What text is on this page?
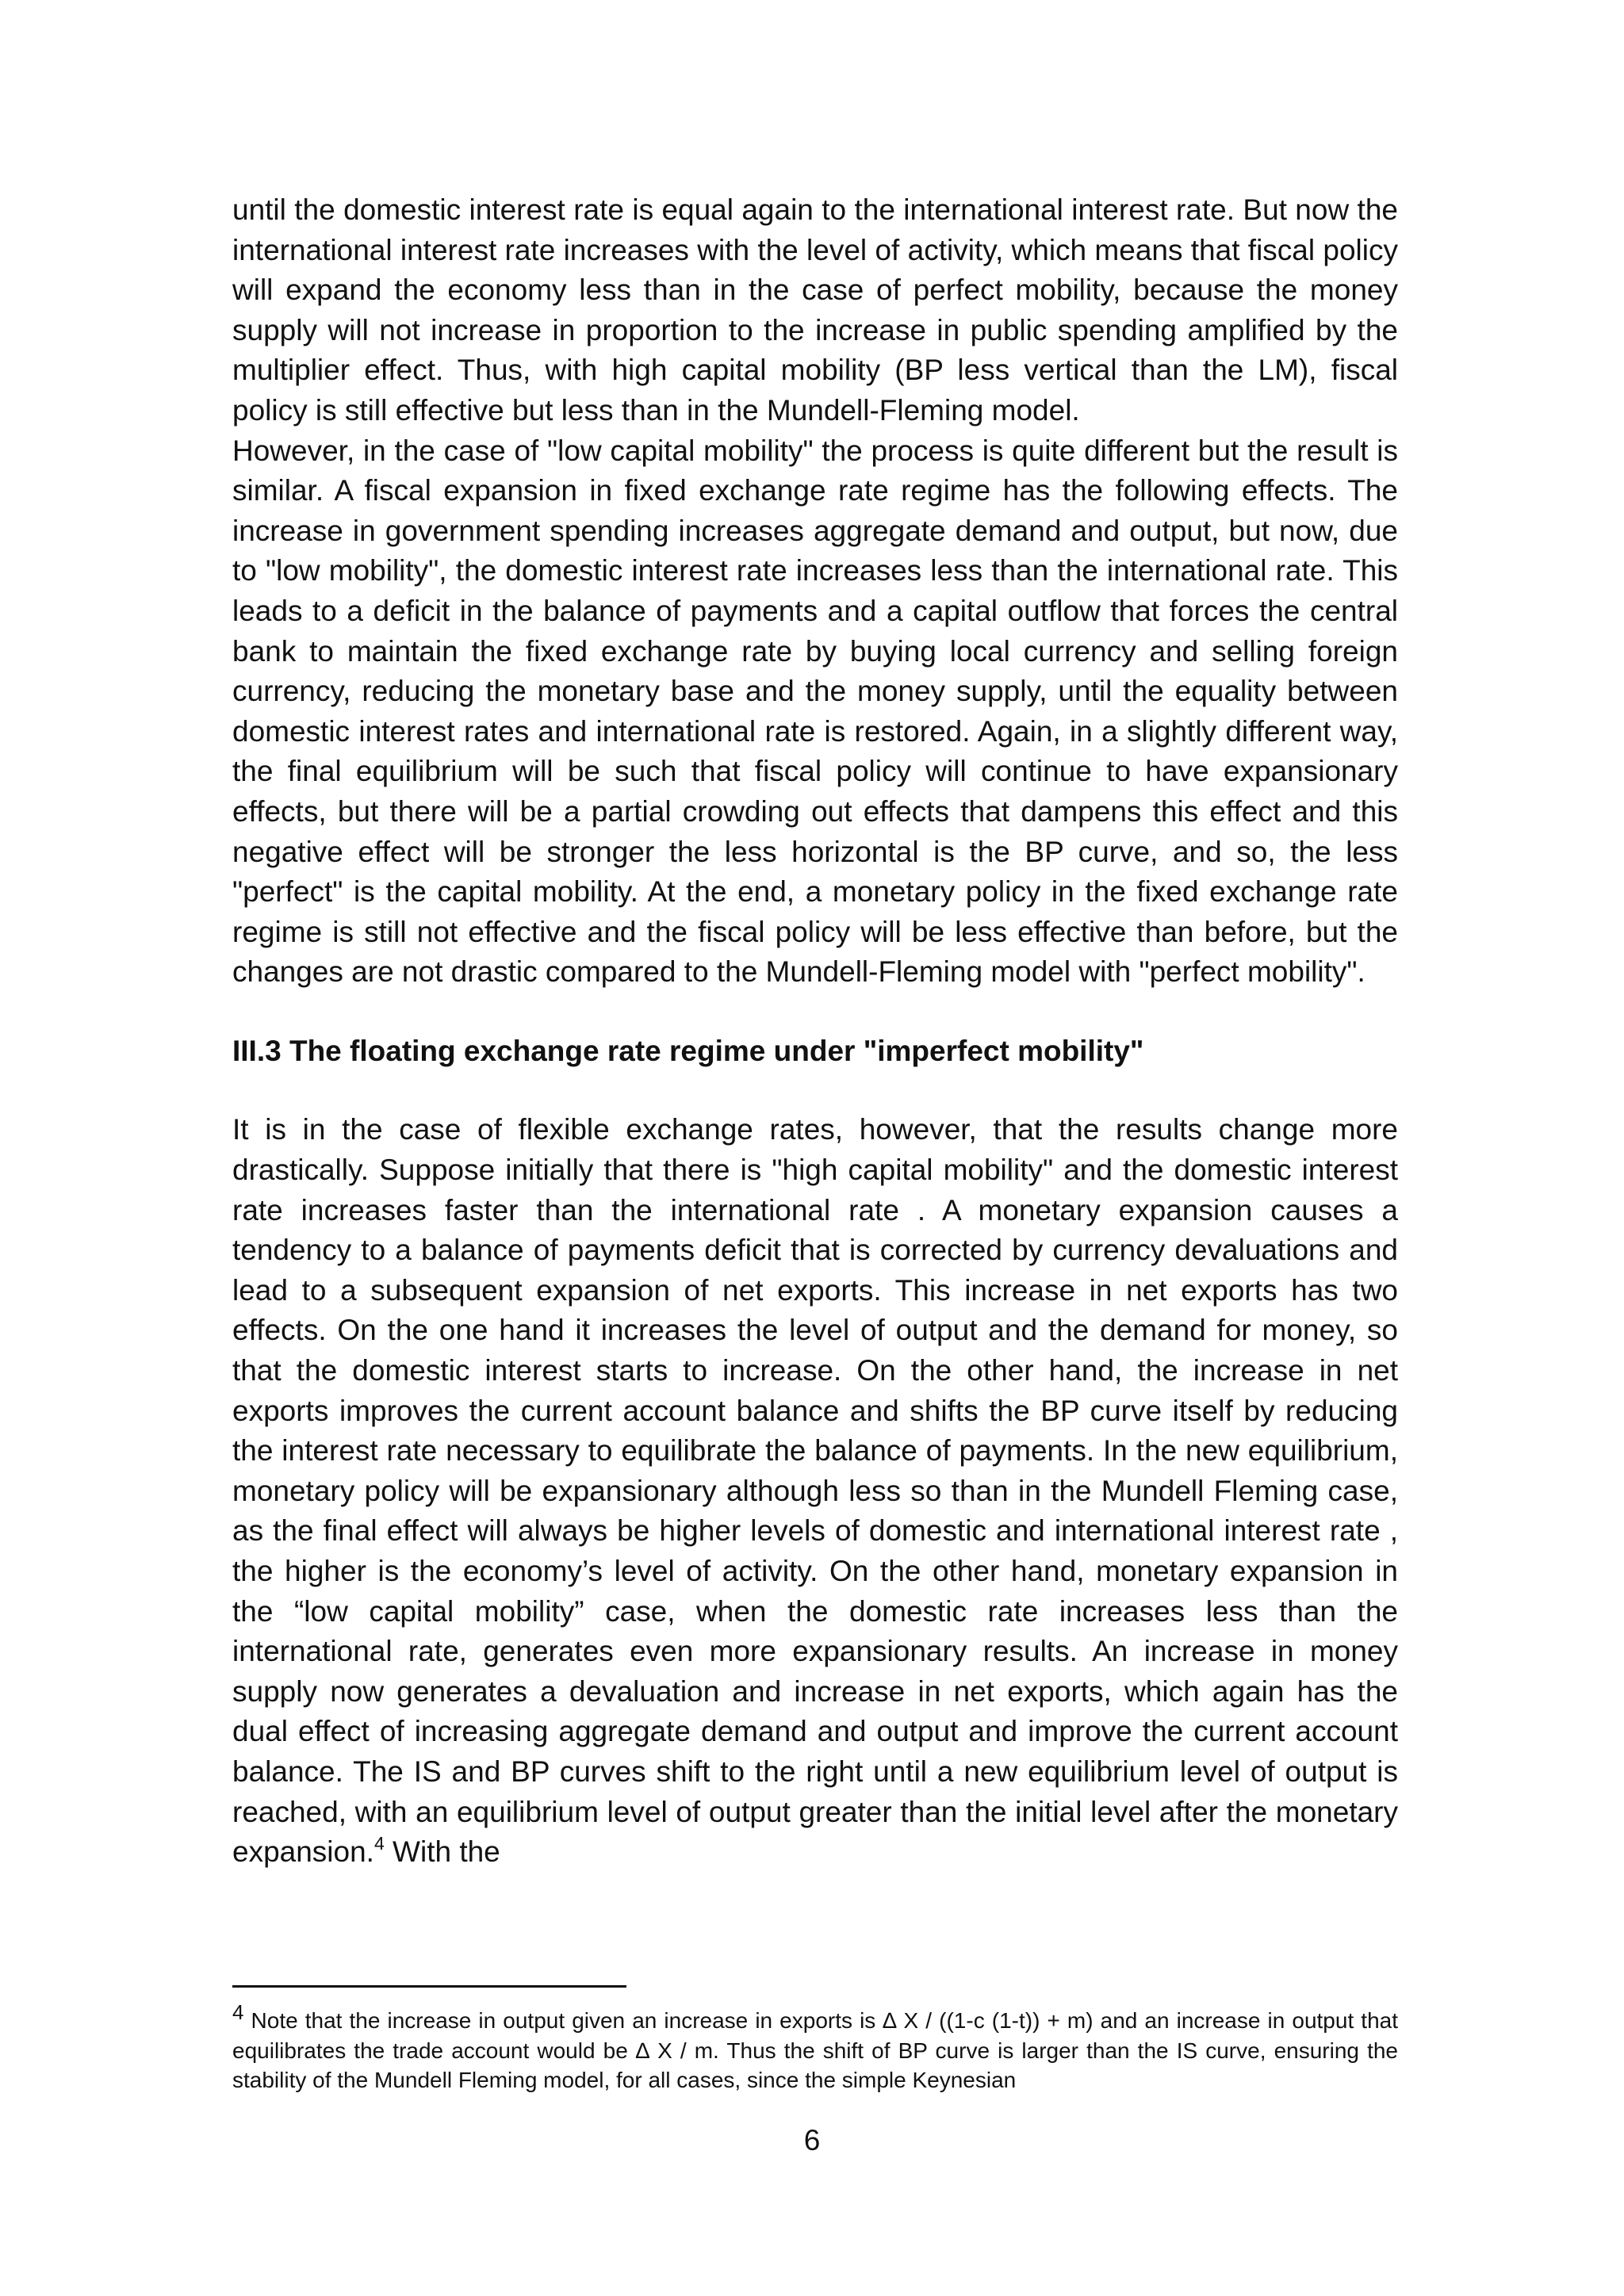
until the domestic interest rate is equal again to the international interest rate. But now the international interest rate increases with the level of activity, which means that fiscal policy will expand the economy less than in the case of perfect mobility, because the money supply will not increase in proportion to the increase in public spending amplified by the multiplier effect. Thus, with high capital mobility (BP less vertical than the LM), fiscal policy is still effective but less than in the Mundell-Fleming model.

However, in the case of "low capital mobility" the process is quite different but the result is similar. A fiscal expansion in fixed exchange rate regime has the following effects. The increase in government spending increases aggregate demand and output, but now, due to "low mobility", the domestic interest rate increases less than the international rate. This leads to a deficit in the balance of payments and a capital outflow that forces the central bank to maintain the fixed exchange rate by buying local currency and selling foreign currency, reducing the monetary base and the money supply, until the equality between domestic interest rates and international rate is restored. Again, in a slightly different way, the final equilibrium will be such that fiscal policy will continue to have expansionary effects, but there will be a partial crowding out effects that dampens this effect and this negative effect will be stronger the less horizontal is the BP curve, and so, the less "perfect" is the capital mobility. At the end, a monetary policy in the fixed exchange rate regime is still not effective and the fiscal policy will be less effective than before, but the changes are not drastic compared to the Mundell-Fleming model with "perfect mobility".

III.3 The floating exchange rate regime under "imperfect mobility"

It is in the case of flexible exchange rates, however, that the results change more drastically. Suppose initially that there is "high capital mobility" and the domestic interest rate increases faster than the international rate . A monetary expansion causes a tendency to a balance of payments deficit that is corrected by currency devaluations and lead to a subsequent expansion of net exports. This increase in net exports has two effects. On the one hand it increases the level of output and the demand for money, so that the domestic interest starts to increase. On the other hand, the increase in net exports improves the current account balance and shifts the BP curve itself by reducing the interest rate necessary to equilibrate the balance of payments. In the new equilibrium, monetary policy will be expansionary although less so than in the Mundell Fleming case, as the final effect will always be higher levels of domestic and international interest rate , the higher is the economy’s level of activity. On the other hand, monetary expansion in the “low capital mobility” case, when the domestic rate increases less than the international rate, generates even more expansionary results. An increase in money supply now generates a devaluation and increase in net exports, which again has the dual effect of increasing aggregate demand and output and improve the current account balance. The IS and BP curves shift to the right until a new equilibrium level of output is reached, with an equilibrium level of output greater than the initial level after the monetary expansion.$^4$ With the

$^4$ Note that the increase in output given an increase in exports is ∆ X / ((1-c (1-t)) + m) and an increase in output that equilibrates the trade account would be ∆ X / m. Thus the shift of BP curve is larger than the IS curve, ensuring the stability of the Mundell Fleming model, for all cases, since the simple Keynesian

6
